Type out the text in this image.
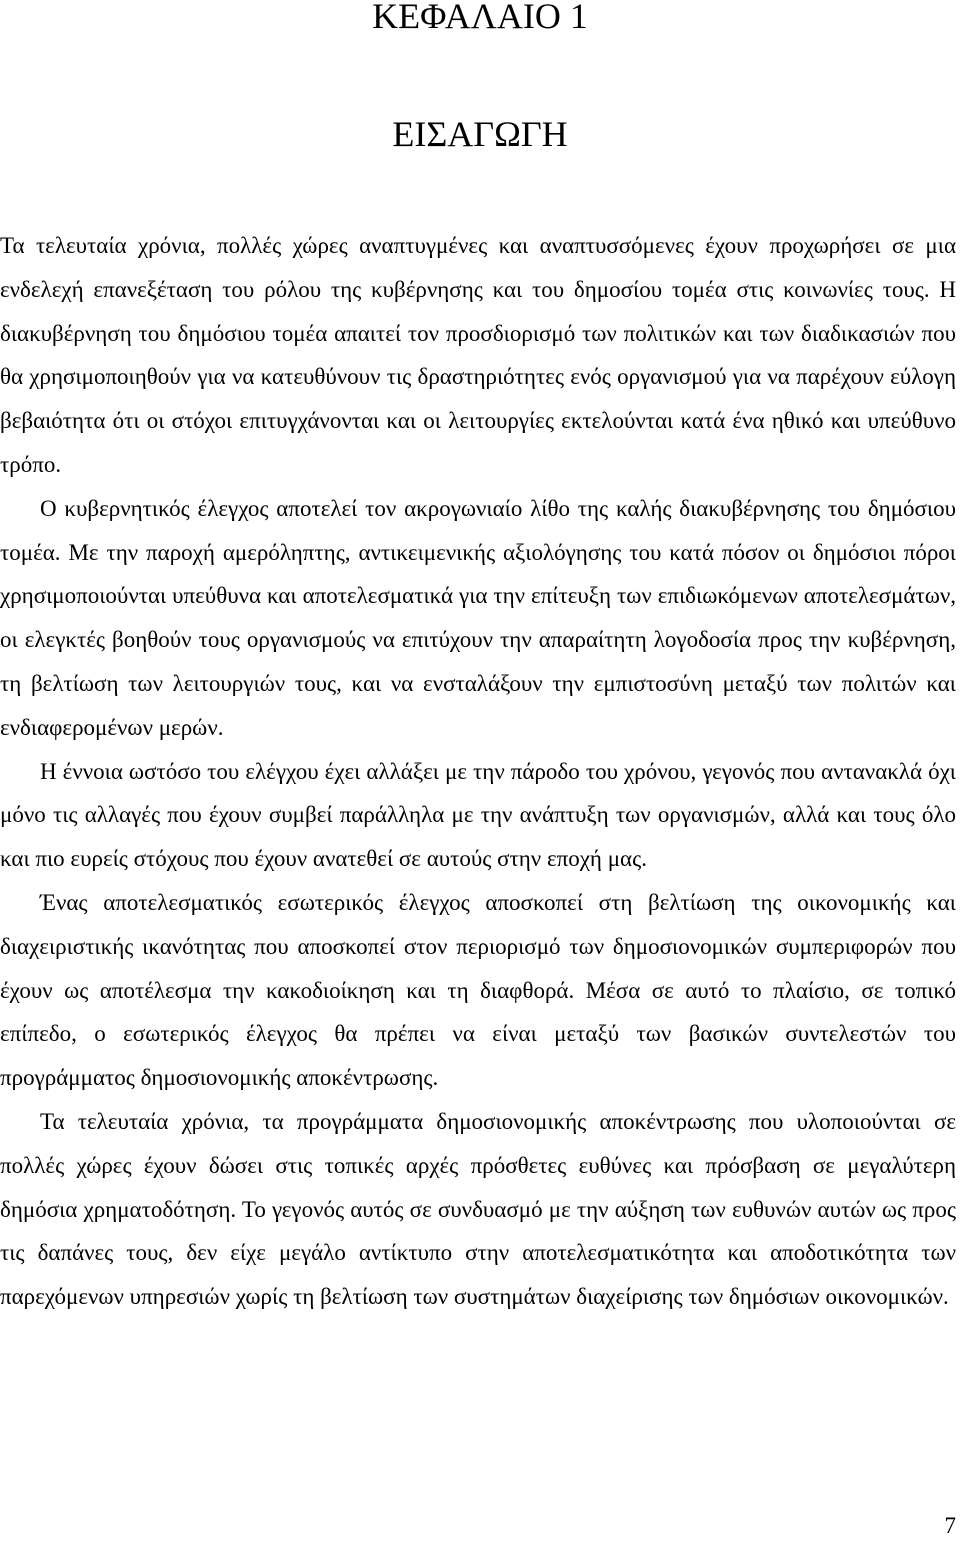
ΚΕΦΑΛΑΙΟ 1
ΕΙΣΑΓΩΓΗ

Τα τελευταία χρόνια, πολλές χώρες αναπτυγμένες και αναπτυσσόμενες έχουν προχωρήσει σε μια ενδελεχή επανεξέταση του ρόλου της κυβέρνησης και του δημοσίου τομέα στις κοινωνίες τους. Η διακυβέρνηση του δημόσιου τομέα απαιτεί τον προσδιορισμό των πολιτικών και των διαδικασιών που θα χρησιμοποιηθούν για να κατευθύνουν τις δραστηριότητες ενός οργανισμού για να παρέχουν εύλογη βεβαιότητα ότι οι στόχοι επιτυγχάνονται και οι λειτουργίες εκτελούνται κατά ένα ηθικό και υπεύθυνο τρόπο.

Ο κυβερνητικός έλεγχος αποτελεί τον ακρογωνιαίο λίθο της καλής διακυβέρνησης του δημόσιου τομέα. Με την παροχή αμερόληπτης, αντικειμενικής αξιολόγησης του κατά πόσον οι δημόσιοι πόροι χρησιμοποιούνται υπεύθυνα και αποτελεσματικά για την επίτευξη των επιδιωκόμενων αποτελεσμάτων, οι ελεγκτές βοηθούν τους οργανισμούς να επιτύχουν την απαραίτητη λογοδοσία προς την κυβέρνηση, τη βελτίωση των λειτουργιών τους, και να ενσταλάξουν την εμπιστοσύνη μεταξύ των πολιτών και ενδιαφερομένων μερών.

Η έννοια ωστόσο του ελέγχου έχει αλλάξει με την πάροδο του χρόνου, γεγονός που αντανακλά όχι μόνο τις αλλαγές που έχουν συμβεί παράλληλα με την ανάπτυξη των οργανισμών, αλλά και τους όλο και πιο ευρείς στόχους που έχουν ανατεθεί σε αυτούς στην εποχή μας.

Ένας αποτελεσματικός εσωτερικός έλεγχος αποσκοπεί στη βελτίωση της οικονομικής και διαχειριστικής ικανότητας που αποσκοπεί στον περιορισμό των δημοσιονομικών συμπεριφορών που έχουν ως αποτέλεσμα την κακοδιοίκηση και τη διαφθορά. Μέσα σε αυτό το πλαίσιο, σε τοπικό επίπεδο, ο εσωτερικός έλεγχος θα πρέπει να είναι μεταξύ των βασικών συντελεστών του προγράμματος δημοσιονομικής αποκέντρωσης.

Τα τελευταία χρόνια, τα προγράμματα δημοσιονομικής αποκέντρωσης που υλοποιούνται σε πολλές χώρες έχουν δώσει στις τοπικές αρχές πρόσθετες ευθύνες και πρόσβαση σε μεγαλύτερη δημόσια χρηματοδότηση. Το γεγονός αυτός σε συνδυασμό με την αύξηση των ευθυνών αυτών ως προς τις δαπάνες τους, δεν είχε μεγάλο αντίκτυπο στην αποτελεσματικότητα και αποδοτικότητα των παρεχόμενων υπηρεσιών χωρίς τη βελτίωση των συστημάτων διαχείρισης των δημόσιων οικονομικών.

7
